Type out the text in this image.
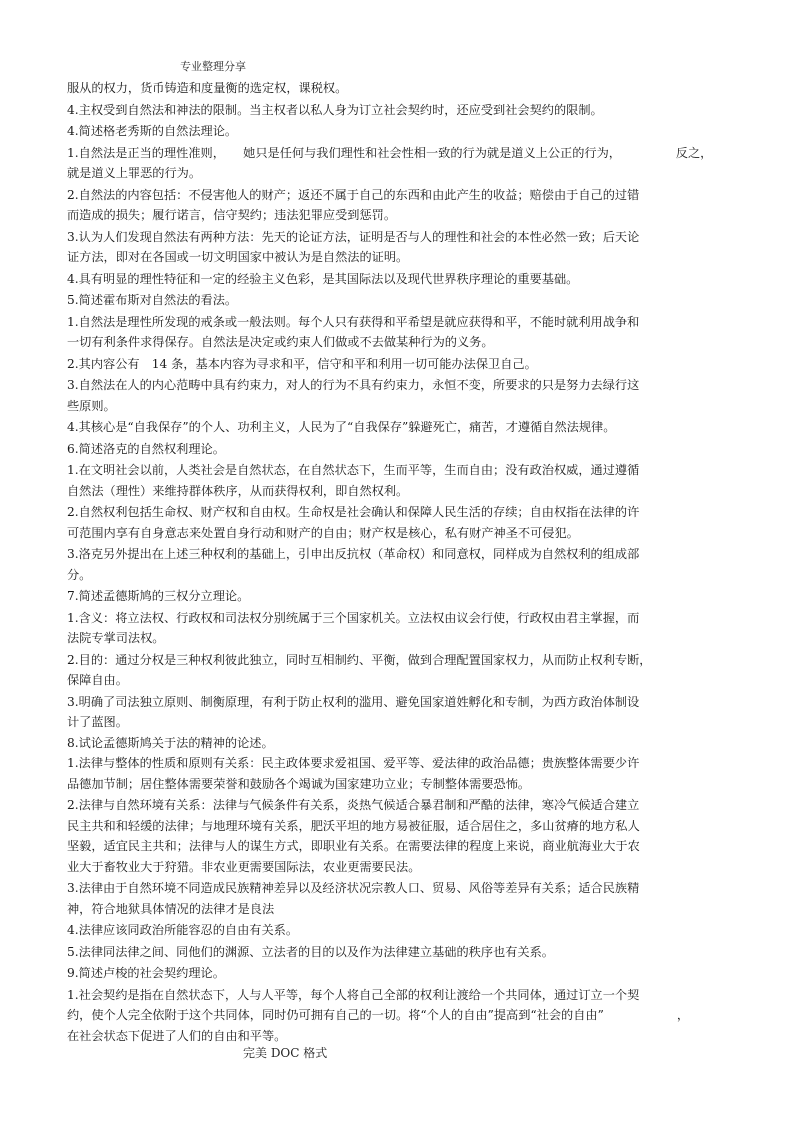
专业整理分享

服从的权力，货币铸造和度量衡的选定权，课税权。

4.主权受到自然法和神法的限制。当主权者以私人身为订立社会契约时，还应受到社会契约的限制。

4.简述格老秀斯的自然法理论。

1.自然法是正当的理性准则，　　她只是任何与我们理性和社会性相一致的行为就是道义上公正的行为，　　　　　反之，

就是道义上罪恶的行为。

2.自然法的内容包括：不侵害他人的财产；返还不属于自己的东西和由此产生的收益；赔偿由于自己的过错

而造成的损失；履行诺言，信守契约；违法犯罪应受到惩罚。

3.认为人们发现自然法有两种方法：先天的论证方法，证明是否与人的理性和社会的本性必然一致；后天论

证方法，即对在各国或一切文明国家中被认为是自然法的证明。

4.具有明显的理性特征和一定的经验主义色彩，是其国际法以及现代世界秩序理论的重要基础。

5.简述霍布斯对自然法的看法。

1.自然法是理性所发现的戒条或一般法则。每个人只有获得和平希望是就应获得和平，不能时就利用战争和

一切有利条件求得保存。自然法是决定或约束人们做或不去做某种行为的义务。

2.其内容公有　14 条，基本内容为寻求和平，信守和平和利用一切可能办法保卫自己。

3.自然法在人的内心范畴中具有约束力，对人的行为不具有约束力，永恒不变，所要求的只是努力去绿行这

些原则。

4.其核心是“自我保存”的个人、功利主义，人民为了“自我保存”躲避死亡，痛苦，才遵循自然法规律。

6.简述洛克的自然权利理论。

1.在文明社会以前，人类社会是自然状态，在自然状态下，生而平等，生而自由；没有政治权威，通过遵循

自然法（理性）来维持群体秩序，从而获得权利，即自然权利。

2.自然权利包括生命权、财产权和自由权。生命权是社会确认和保障人民生活的存续；自由权指在法律的许

可范围内享有自身意志来处置自身行动和财产的自由；财产权是核心，私有财产神圣不可侵犯。

3.洛克另外提出在上述三种权利的基础上，引申出反抗权（革命权）和同意权，同样成为自然权利的组成部

分。

7.简述孟德斯鸠的三权分立理论。

1.含义：将立法权、行政权和司法权分别统属于三个国家机关。立法权由议会行使，行政权由君主掌握，而

法院专掌司法权。

2.目的：通过分权是三种权利彼此独立，同时互相制约、平衡，做到合理配置国家权力，从而防止权利专断，

保障自由。

3.明确了司法独立原则、制衡原理，有利于防止权利的滥用、避免国家道姓孵化和专制，为西方政治体制设

计了蓝图。

8.试论孟德斯鸠关于法的精神的论述。

1.法律与整体的性质和原则有关系：民主政体要求爱祖国、爱平等、爱法律的政治品德；贵族整体需要少许

品德加节制；居住整体需要荣誉和鼓励各个竭诚为国家建功立业；专制整体需要恐怖。

2.法律与自然环境有关系：法律与气候条件有关系，炎热气候适合暴君制和严酷的法律，寒冷气候适合建立

民主共和和轻缓的法律；与地理环境有关系，肥沃平坦的地方易被征服，适合居住之，多山贫瘠的地方私人

坚毅，适宜民主共和；法律与人的谋生方式，即职业有关系。在需要法律的程度上来说，商业航海业大于农

业大于畜牧业大于狩猎。非农业更需要国际法，农业更需要民法。

3.法律由于自然环境不同造成民族精神差异以及经济状况宗教人口、贸易、风俗等差异有关系；适合民族精

神，符合地狱具体情况的法律才是良法

4.法律应该同政治所能容忍的自由有关系。

5.法律同法律之间、同他们的渊源、立法者的目的以及作为法律建立基础的秩序也有关系。

9.简述卢梭的社会契约理论。

1.社会契约是指在自然状态下，人与人平等，每个人将自己全部的权利让渡给一个共同体，通过订立一个契

约，使个人完全依附于这个共同体，同时仍可拥有自己的一切。将“个人的自由”提高到“社会的自由”　　　　　　，

在社会状态下促进了人们的自由和平等。

完美 DOC 格式
